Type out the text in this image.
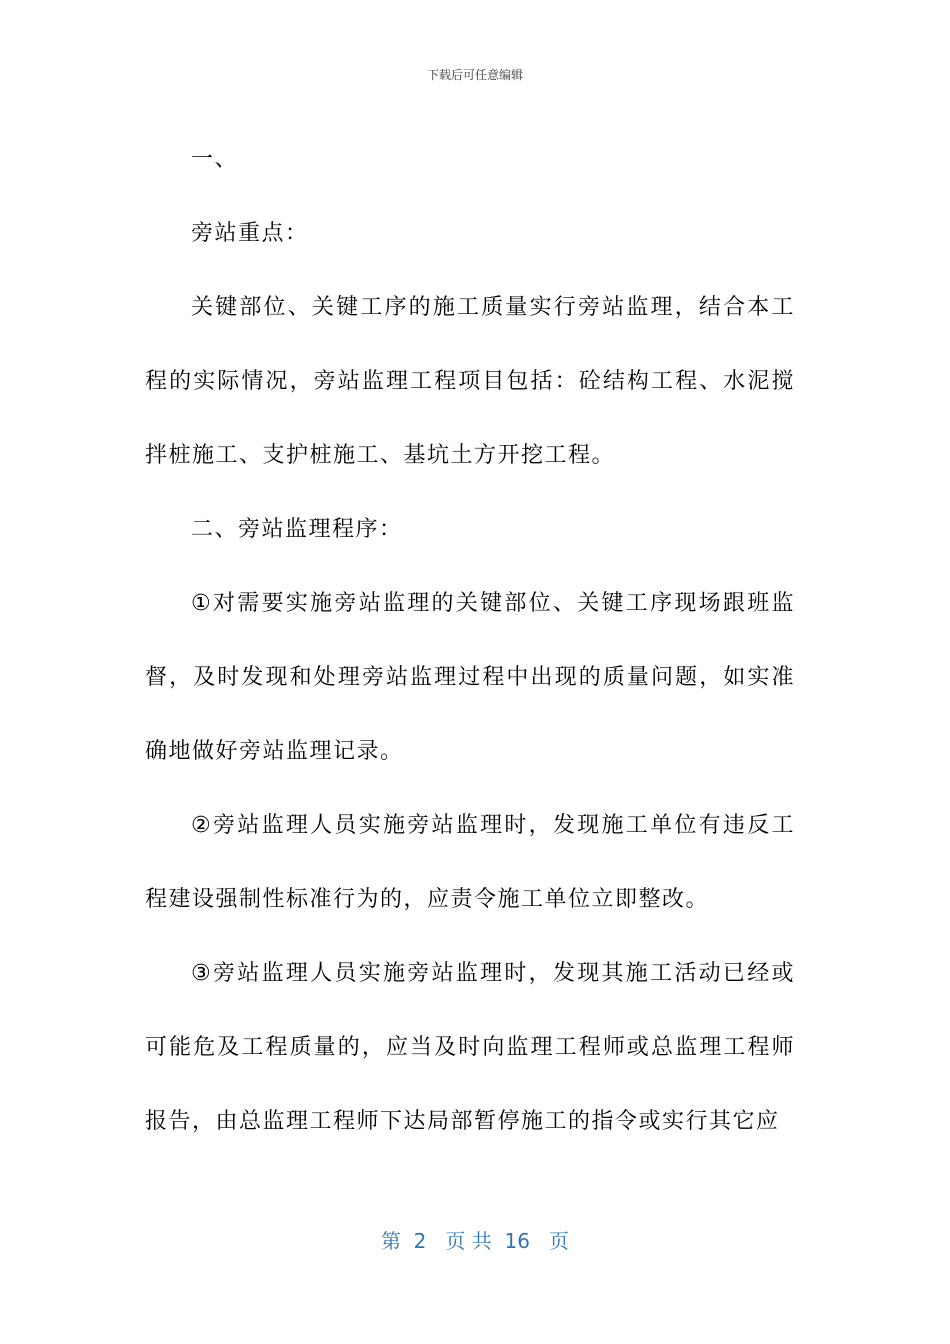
下载后可任意编辑

一、

旁站重点：

关键部位、关键工序的施工质量实行旁站监理，结合本工程的实际情况，旁站监理工程项目包括：砼结构工程、水泥搅拌桩施工、支护桩施工、基坑土方开挖工程。

二、旁站监理程序：

①对需要实施旁站监理的关键部位、关键工序现场跟班监督，及时发现和处理旁站监理过程中出现的质量问题，如实准确地做好旁站监理记录。

②旁站监理人员实施旁站监理时，发现施工单位有违反工程建设强制性标准行为的，应责令施工单位立即整改。

③旁站监理人员实施旁站监理时，发现其施工活动已经或可能危及工程质量的，应当及时向监理工程师或总监理工程师报告，由总监理工程师下达局部暂停施工的指令或实行其它应

第  2   页 共  16   页
